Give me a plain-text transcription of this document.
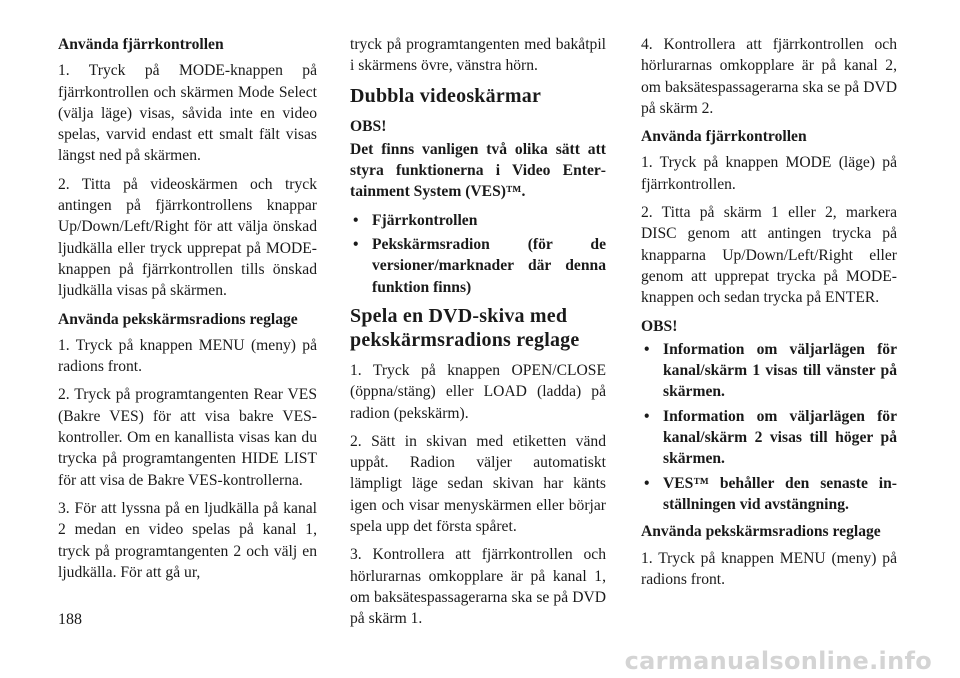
Använda fjärrkontrollen

1. Tryck på MODE-knappen på fjärrkontrollen och skärmen Mode Select (välja läge) visas, såvida inte en video spelas, varvid endast ett smalt fält visas längst ned på skärmen.

2. Titta på videoskärmen och tryck antingen på fjärrkontrollens knappar Up/Down/Left/Right för att välja önskad ljudkälla eller tryck upprepat på MODE-knappen på fjärrkontrollen tills önskad ljudkälla visas på skärmen.

Använda pekskärmsradions reglage

1. Tryck på knappen MENU (meny) på radions front.

2. Tryck på programtangenten Rear VES (Bakre VES) för att visa bakre VES-kontroller. Om en kanallista visas kan du trycka på programtangenten HIDE LIST för att visa de Bakre VES-kontrollerna.

3. För att lyssna på en ljudkälla på kanal 2 medan en video spelas på kanal 1, tryck på programtangenten 2 och välj en ljudkälla. För att gå ur,

tryck på programtangenten med bakåtpil i skärmens övre, vänstra hörn.

Dubbla videoskärmar

OBS!

Det finns vanligen två olika sätt att styra funktionerna i Video Entertainment System (VES)™.

• Fjärrkontrollen
• Pekskärmsradion (för de versioner/marknader där denna funktion finns)
Spela en DVD-skiva med pekskärmsradions reglage

1. Tryck på knappen OPEN/CLOSE (öppna/stäng) eller LOAD (ladda) på radion (pekskärm).

2. Sätt in skivan med etiketten vänd uppåt. Radion väljer automatiskt lämpligt läge sedan skivan har känts igen och visar menyskärmen eller börjar spela upp det första spåret.

3. Kontrollera att fjärrkontrollen och hörlurarnas omkopplare är på kanal 1, om baksätespassagerarna ska se på DVD på skärm 1.

4. Kontrollera att fjärrkontrollen och hörlurarnas omkopplare är på kanal 2, om baksätespassagerarna ska se på DVD på skärm 2.

Använda fjärrkontrollen

1. Tryck på knappen MODE (läge) på fjärrkontrollen.

2. Titta på skärm 1 eller 2, markera DISC genom att antingen trycka på knapparna Up/Down/Left/Right eller genom att upprepat trycka på MODE-knappen och sedan trycka på ENTER.

OBS!

• Information om väljarlägen för kanal/skärm 1 visas till vänster på skärmen.
• Information om väljarlägen för kanal/skärm 2 visas till höger på skärmen.
• VES™ behåller den senaste inställningen vid avstängning.

Använda pekskärmsradions reglage

1. Tryck på knappen MENU (meny) på radions front.

188
carmanualsonline.info
